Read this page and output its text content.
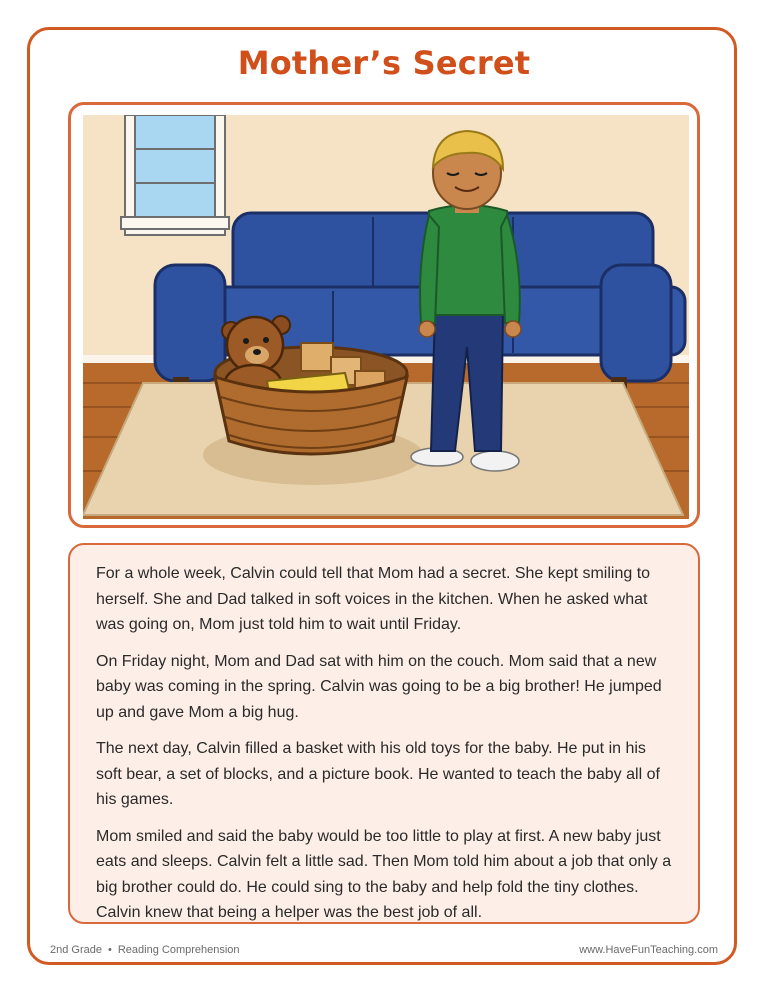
Mother’s Secret

For a whole week, Calvin could tell that Mom had a secret. She kept smiling to herself. She and Dad talked in soft voices in the kitchen. When he asked what was going on, Mom just told him to wait until Friday.

On Friday night, Mom and Dad sat with him on the couch. Mom said that a new baby was coming in the spring. Calvin was going to be a big brother! He jumped up and gave Mom a big hug.

The next day, Calvin filled a basket with his old toys for the baby. He put in his soft bear, a set of blocks, and a picture book. He wanted to teach the baby all of his games.

Mom smiled and said the baby would be too little to play at first. A new baby just eats and sleeps. Calvin felt a little sad. Then Mom told him about a job that only a big brother could do. He could sing to the baby and help fold the tiny clothes. Calvin knew that being a helper was the best job of all.

2nd Grade • Reading Comprehension	www.HaveFunTeaching.com
